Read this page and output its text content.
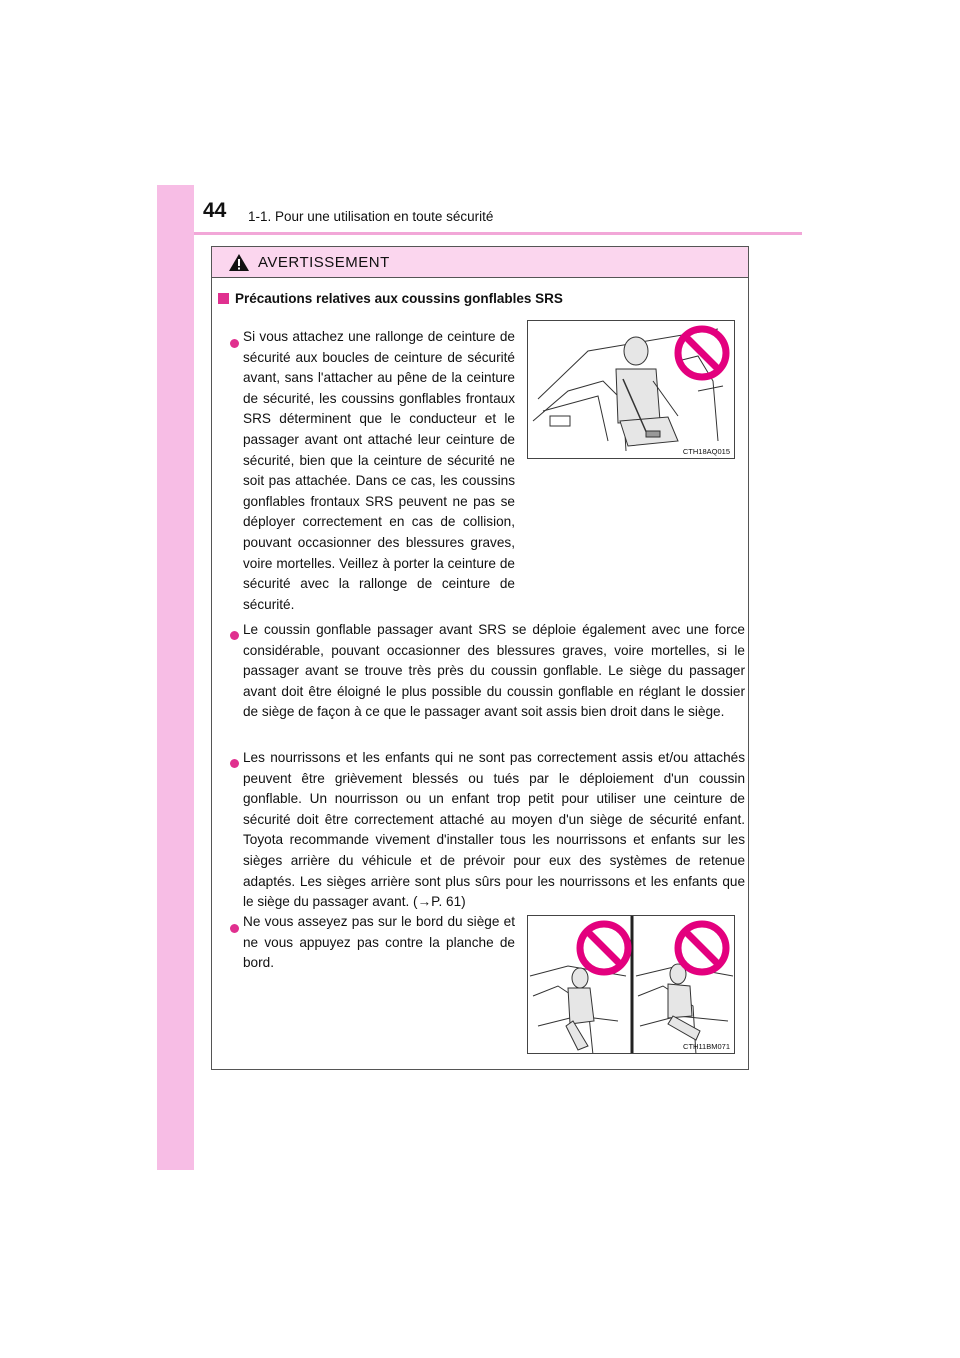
44 1-1. Pour une utilisation en toute sécurité
AVERTISSEMENT
Précautions relatives aux coussins gonflables SRS
Si vous attachez une rallonge de ceinture de sécurité aux boucles de ceinture de sécurité avant, sans l'attacher au pêne de la ceinture de sécurité, les coussins gonflables frontaux SRS déterminent que le conducteur et le passager avant ont attaché leur ceinture de sécurité, bien que la ceinture de sécurité ne soit pas attachée. Dans ce cas, les coussins gonflables frontaux SRS peuvent ne pas se déployer correctement en cas de collision, pouvant occasionner des blessures graves, voire mortelles. Veillez à porter la ceinture de sécurité avec la rallonge de ceinture de sécurité.
CTH18AQ015
Le coussin gonflable passager avant SRS se déploie également avec une force considérable, pouvant occasionner des blessures graves, voire mortelles, si le passager avant se trouve très près du coussin gonflable. Le siège du passager avant doit être éloigné le plus possible du coussin gonflable en réglant le dossier de siège de façon à ce que le passager avant soit assis bien droit dans le siège.
Les nourrissons et les enfants qui ne sont pas correctement assis et/ou attachés peuvent être grièvement blessés ou tués par le déploiement d'un coussin gonflable. Un nourrisson ou un enfant trop petit pour utiliser une ceinture de sécurité doit être correctement attaché au moyen d'un siège de sécurité enfant. Toyota recommande vivement d'installer tous les nourrissons et enfants sur les sièges arrière du véhicule et de prévoir pour eux des systèmes de retenue adaptés. Les sièges arrière sont plus sûrs pour les nourrissons et les enfants que le siège du passager avant. (→P. 61)
Ne vous asseyez pas sur le bord du siège et ne vous appuyez pas contre la planche de bord.
CTH11BM071
